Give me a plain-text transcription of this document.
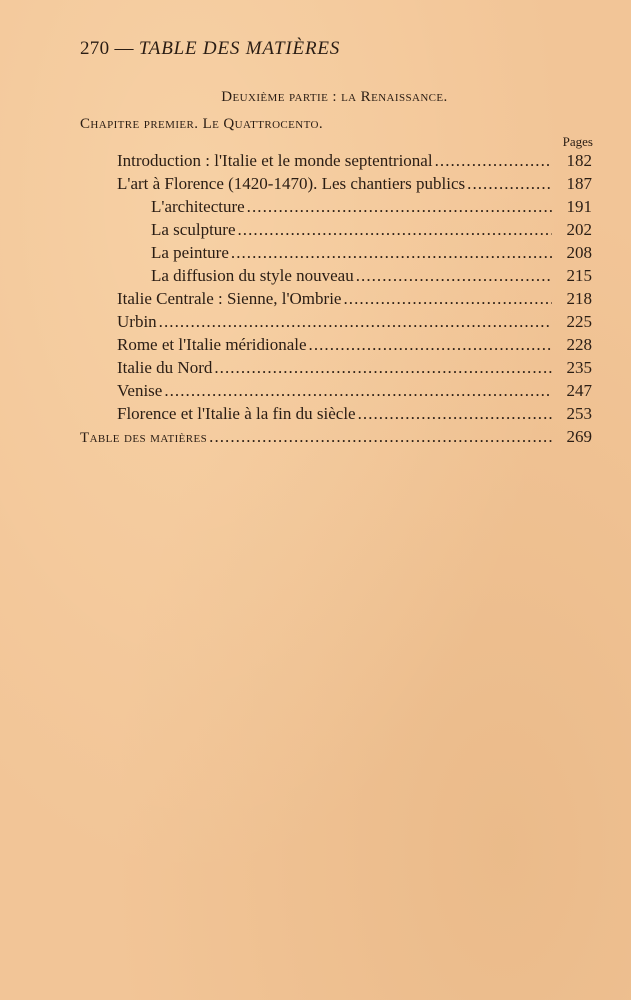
270 — TABLE DES MATIÈRES
Deuxième partie : la Renaissance.
Chapitre premier. Le Quattrocento.
Pages
Introduction : l'Italie et le monde septentrional . . .	182
L'art à Florence (1420-1470). Les chantiers publics . . .	187
L'architecture . . .	191
La sculpture . . .	202
La peinture . . .	208
La diffusion du style nouveau . . .	215
Italie Centrale : Sienne, l'Ombrie . . .	218
Urbin . . .	225
Rome et l'Italie méridionale . . .	228
Italie du Nord . . .	235
Venise . . .	247
Florence et l'Italie à la fin du siècle . . .	253
Table des matières . . .	269
